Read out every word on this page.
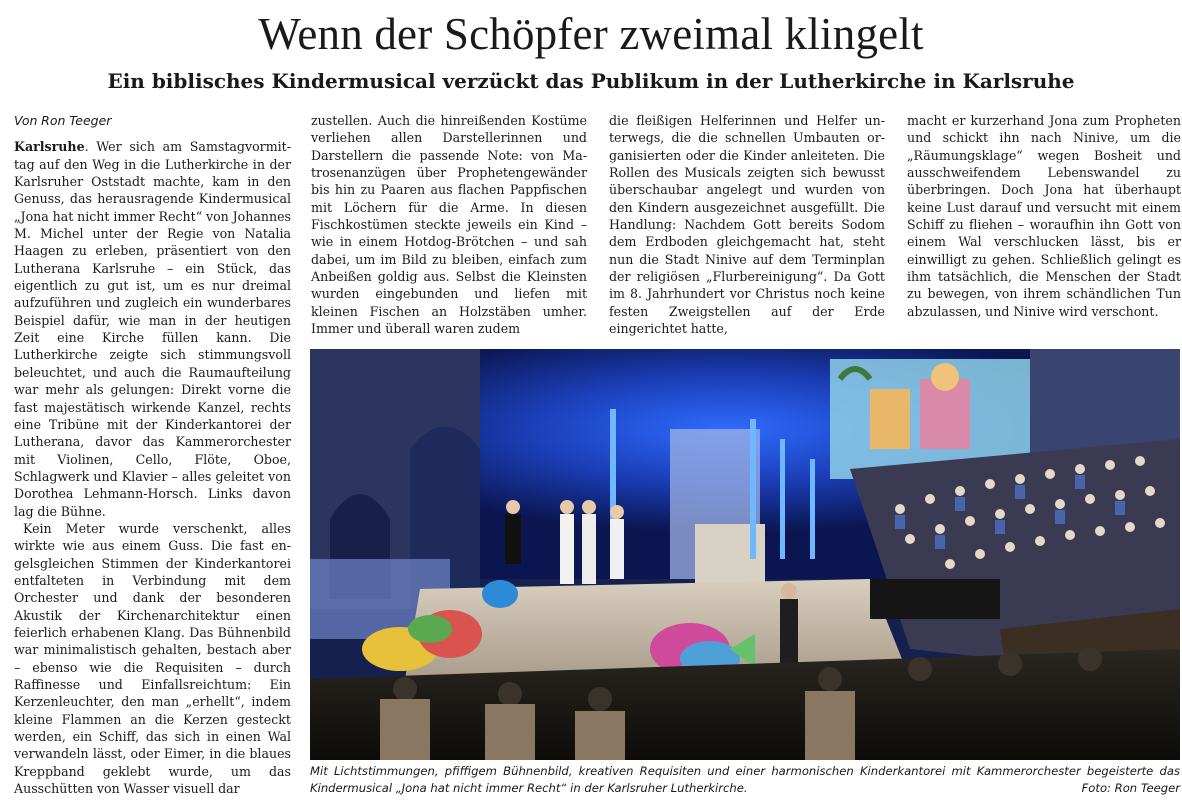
Wenn der Schöpfer zweimal klingelt
Ein biblisches Kindermusical verzückt das Publikum in der Lutherkirche in Karlsruhe

Von Ron Teeger

Karlsruhe. Wer sich am Samstagvormittag auf den Weg in die Lutherkirche in der Karlsruher Oststadt machte, kam in den Genuss, das herausragende Kindermusical „Jona hat nicht immer Recht“ von Johannes M. Michel unter der Regie von Natalia Haagen zu erleben, präsentiert von den Lutherana Karlsruhe – ein Stück, das eigentlich zu gut ist, um es nur dreimal aufzuführen und zugleich ein wunderbares Beispiel dafür, wie man in der heutigen Zeit eine Kirche füllen kann. Die Lutherkirche zeigte sich stimmungsvoll beleuchtet, und auch die Raumaufteilung war mehr als gelungen: Direkt vorne die fast majestätisch wirkende Kanzel, rechts eine Tribüne mit der Kinderkantorei der Lutherana, davor das Kammerorchester mit Violinen, Cello, Flöte, Oboe, Schlagwerk und Klavier – alles geleitet von Dorothea Lehmann-Horsch. Links davon lag die Bühne.

Kein Meter wurde verschenkt, alles wirkte wie aus einem Guss. Die fast engelsgleichen Stimmen der Kinderkantorei entfalteten in Verbindung mit dem Orchester und dank der besonderen Akustik der Kirchenarchitektur einen feierlich erhabenen Klang. Das Bühnenbild war minimalistisch gehalten, bestach aber – ebenso wie die Requisiten – durch Raffinesse und Einfallsreichtum: Ein Kerzenleuchter, den man „erhellt“, indem kleine Flammen an die Kerzen gesteckt werden, ein Schiff, das sich in einen Wal verwandeln lässt, oder Eimer, in die blaues Kreppband geklebt wurde, um das Ausschütten von Wasser visuell dar

zustellen. Auch die hinreißenden Kostüme verliehen allen Darstellerinnen und Darstellern die passende Note: von Matrosenanzügen über Prophetengewänder bis hin zu Paaren aus flachen Pappfischen mit Löchern für die Arme. In diesen Fischkostümen steckte jeweils ein Kind – wie in einem Hotdog-Brötchen – und sah dabei, um im Bild zu bleiben, einfach zum Anbeißen goldig aus. Selbst die Kleinsten wurden eingebunden und liefen mit kleinen Fischen an Holzstäben umher. Immer und überall waren zudem

die fleißigen Helferinnen und Helfer unterwegs, die die schnellen Umbauten organisierten oder die Kinder anleiteten. Die Rollen des Musicals zeigten sich bewusst überschaubar angelegt und wurden von den Kindern ausgezeichnet ausgefüllt. Die Handlung: Nachdem Gott bereits Sodom dem Erdboden gleichgemacht hat, steht nun die Stadt Ninive auf dem Terminplan der religiösen „Flurbereinigung“. Da Gott im 8. Jahrhundert vor Christus noch keine festen Zweigstellen auf der Erde eingerichtet hatte,

macht er kurzerhand Jona zum Propheten und schickt ihn nach Ninive, um die „Räumungsklage“ wegen Bosheit und ausschweifendem Lebenswandel zu überbringen. Doch Jona hat überhaupt keine Lust darauf und versucht mit einem Schiff zu fliehen – woraufhin ihn Gott von einem Wal verschlucken lässt, bis er einwilligt zu gehen. Schließlich gelingt es ihm tatsächlich, die Menschen der Stadt zu bewegen, von ihrem schändlichen Tun abzulassen, und Ninive wird verschont.

Mit Lichtstimmungen, pfiffigem Bühnenbild, kreativen Requisiten und einer harmonischen Kinderkantorei mit Kammerorchester begeisterte das Kindermusical „Jona hat nicht immer Recht“ in der Karlsruher Lutherkirche.	Foto: Ron Teeger
